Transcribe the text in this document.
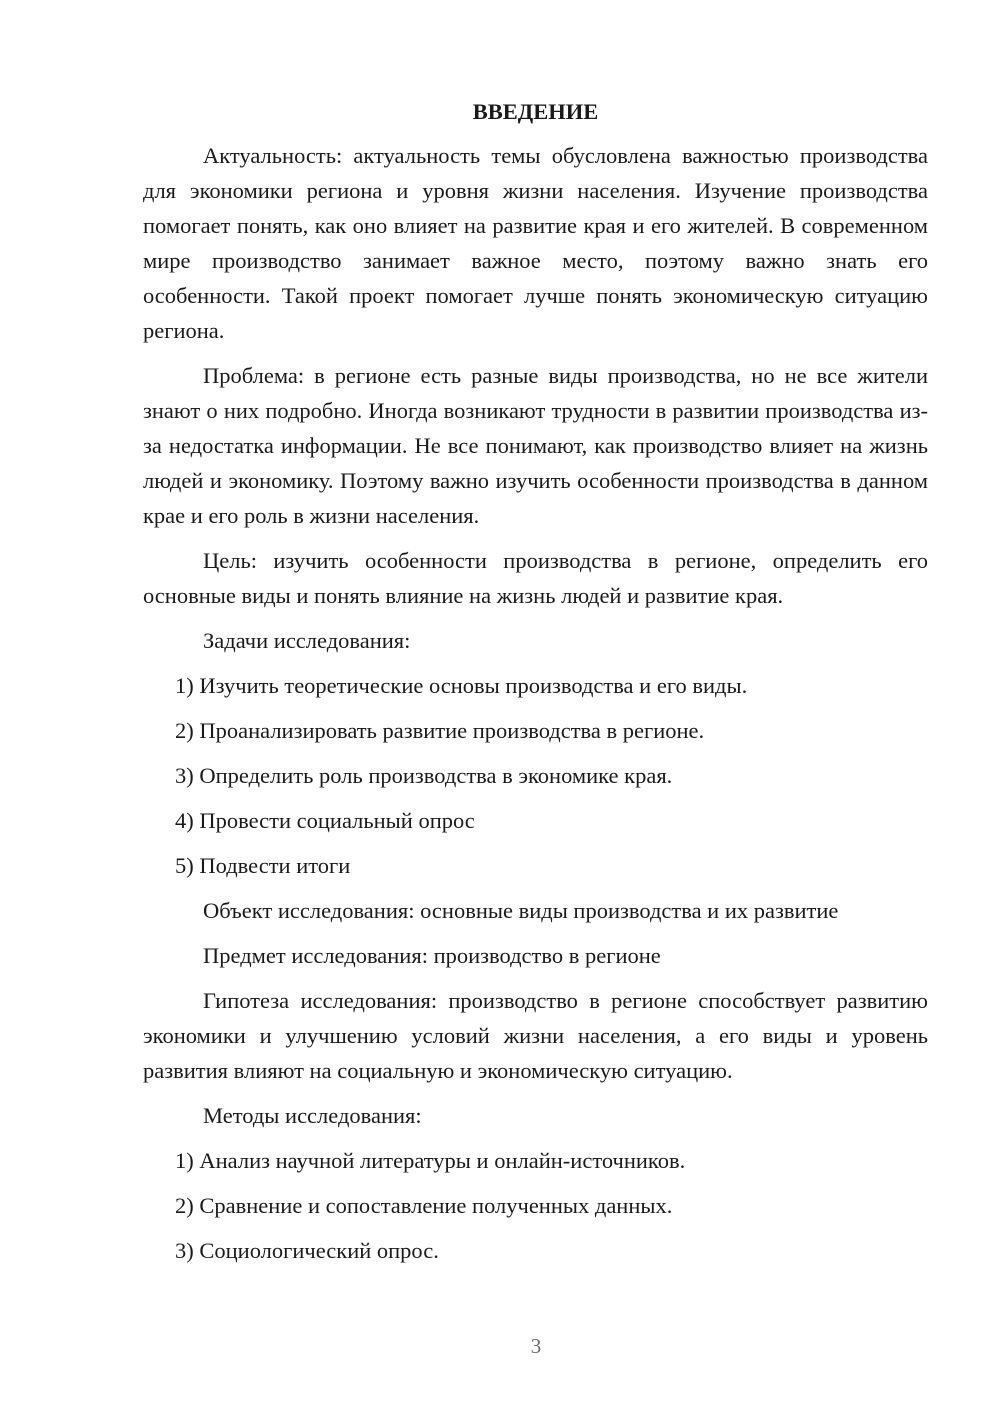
ВВЕДЕНИЕ

Актуальность: актуальность темы обусловлена важностью производства для экономики региона и уровня жизни населения. Изучение производства помогает понять, как оно влияет на развитие края и его жителей. В современном мире производство занимает важное место, поэтому важно знать его особенности. Такой проект помогает лучше понять экономическую ситуацию региона.

Проблема: в регионе есть разные виды производства, но не все жители знают о них подробно. Иногда возникают трудности в развитии производства из-за недостатка информации. Не все понимают, как производство влияет на жизнь людей и экономику. Поэтому важно изучить особенности производства в данном крае и его роль в жизни населения.

Цель: изучить особенности производства в регионе, определить его основные виды и понять влияние на жизнь людей и развитие края.

Задачи исследования:
1) Изучить теоретические основы производства и его виды.
2) Проанализировать развитие производства в регионе.
3) Определить роль производства в экономике края.
4) Провести социальный опрос
5) Подвести итоги
Объект исследования: основные виды производства и их развитие
Предмет исследования: производство в регионе

Гипотеза исследования: производство в регионе способствует развитию экономики и улучшению условий жизни населения, а его виды и уровень развития влияют на социальную и экономическую ситуацию.

Методы исследования:
1) Анализ научной литературы и онлайн-источников.
2) Сравнение и сопоставление полученных данных.
3) Социологический опрос.
3
